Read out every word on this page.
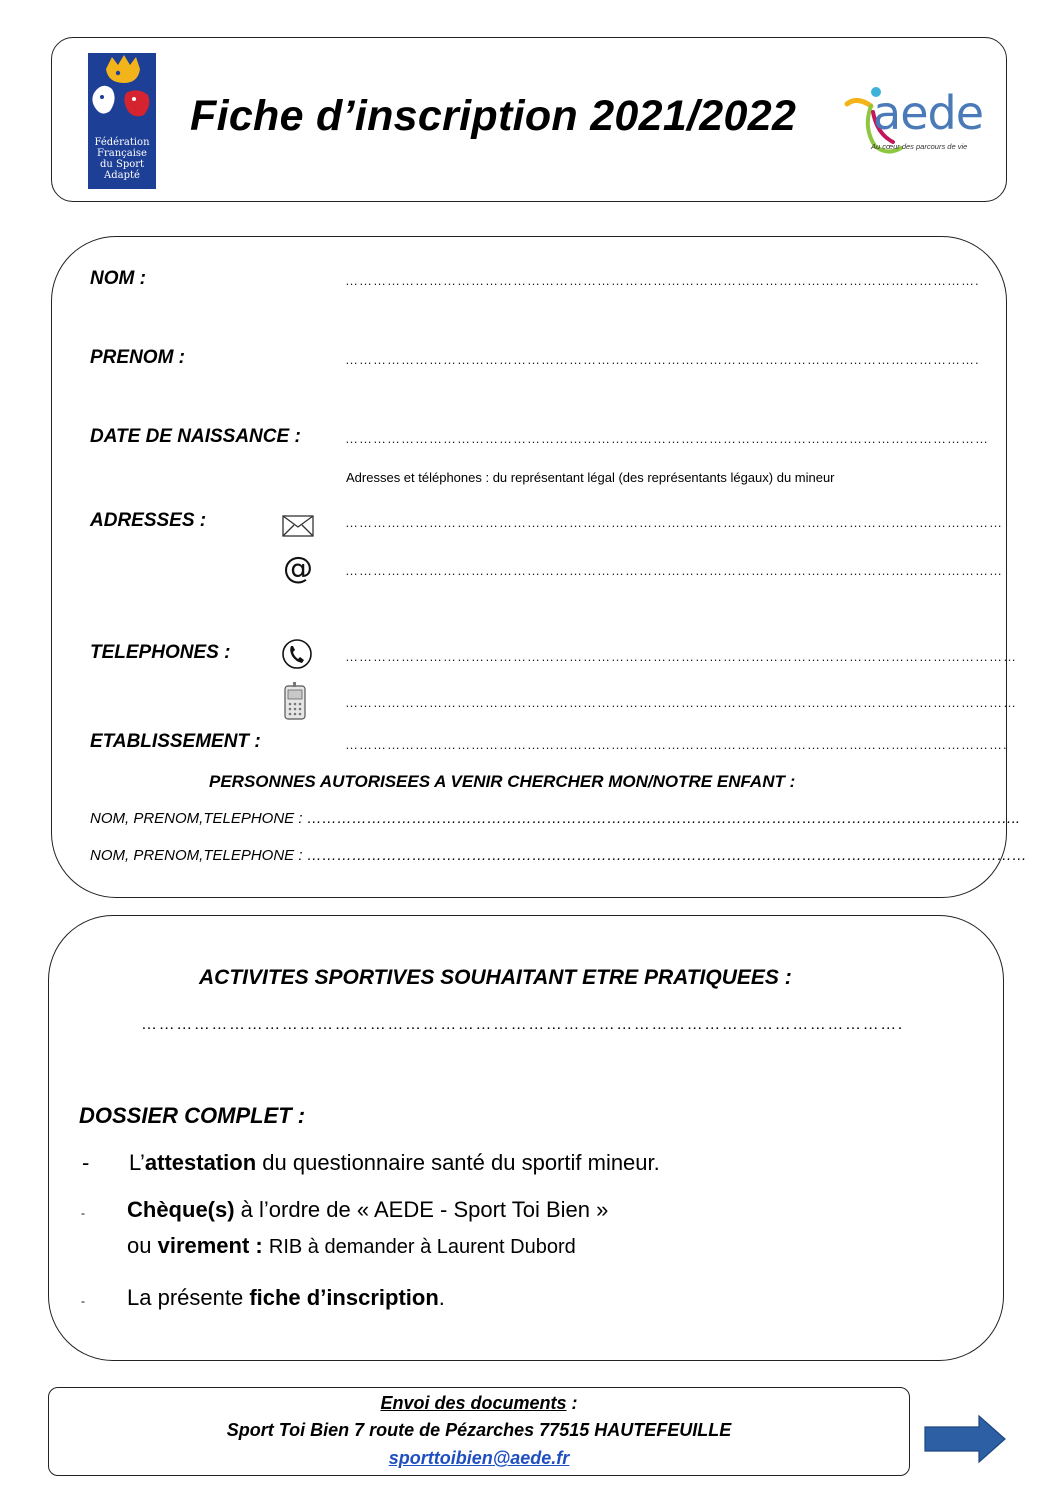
Fédération
Française
du Sport
Adapté
Fiche d’inscription 2021/2022 aede
Au cœur des parcours de vie
NOM :	……………………………………………………………………………………………………………………….
PRENOM :	……………………………………………………………………………………………………………………….
DATE DE NAISSANCE :	…………………………………………………………………………………………………………………………
Adresses et téléphones : du représentant légal (des représentants légaux) du mineur
ADRESSES :	……………………………………………………………………………………………………………………………
@ ……………………………………………………………………………………………………………………………
TELEPHONES :	………………………………………………………………………………………………………………………………
………………………………………………………………………………………………………………………………
ETABLISSEMENT :	…………………………………………………………………………………………………………………………….
PERSONNES AUTORISEES A VENIR CHERCHER MON/NOTRE ENFANT :
NOM, PRENOM,TELEPHONE : ……………………………………………………………………………………………………………………………..
NOM, PRENOM,TELEPHONE : ………………………………………………………………………………………………………………………………
ACTIVITES SPORTIVES SOUHAITANT ETRE PRATIQUEES :
………………………………………………………………………………………………………………….
DOSSIER COMPLET :
- L’attestation du questionnaire santé du sportif mineur.
- Chèque(s) à l’ordre de « AEDE - Sport Toi Bien »
ou virement : RIB à demander à Laurent Dubord
- La présente fiche d’inscription.
Envoi des documents :
Sport Toi Bien 7 route de Pézarches 77515 HAUTEFEUILLE
sporttoibien@aede.fr
